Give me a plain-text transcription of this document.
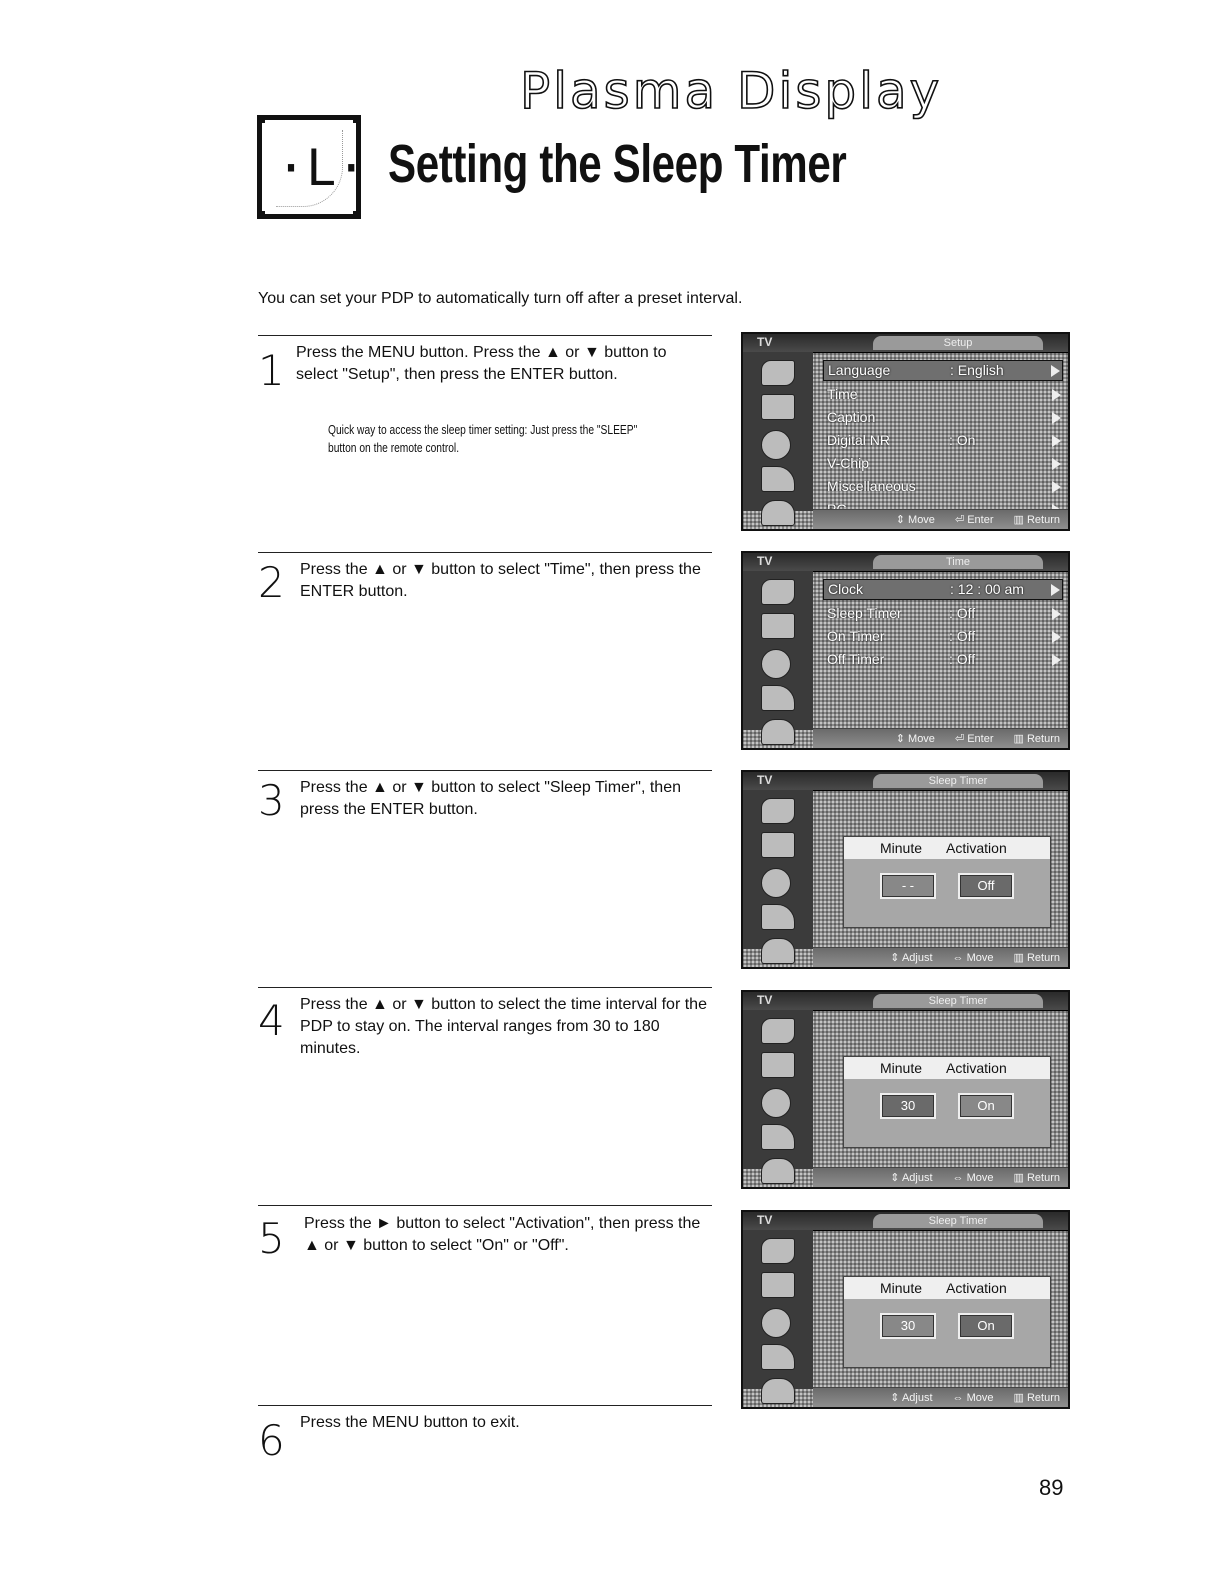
Plasma Display
·L· Setting the Sleep Timer
You can set your PDP to automatically turn off after a preset interval.
1 Press the MENU button. Press the ▲ or ▼ button to select "Setup", then press the ENTER button.
Quick way to access the sleep timer setting: Just press the "SLEEP" button on the remote control.
2 Press the ▲ or ▼ button to select "Time", then press the ENTER button.
3 Press the ▲ or ▼ button to select "Sleep Timer", then press the ENTER button.
4 Press the ▲ or ▼ button to select the time interval for the PDP to stay on. The interval ranges from 30 to 180 minutes.
5 Press the ► button to select "Activation", then press the ▲ or ▼ button to select "On" or "Off".
6 Press the MENU button to exit.
TV	Setup
Language	: English
Time
Caption
Digital NR	: On
V-Chip
Miscellaneous
⇕ Move ⏎ Enter ▥ Return
TV	Time
Clock	: 12 : 00 am
Sleep Timer	: Off
On Timer	: Off
Off Timer	: Off
⇕ Move ⏎ Enter ▥ Return
TV	Sleep Timer
Minute Activation
- -	Off
⇕ Adjust ⇔ Move ▥ Return
TV	Sleep Timer
Minute Activation
30	On
⇕ Adjust ⇔ Move ▥ Return
TV	Sleep Timer
Minute Activation
30	On
⇕ Adjust ⇔ Move ▥ Return
89
